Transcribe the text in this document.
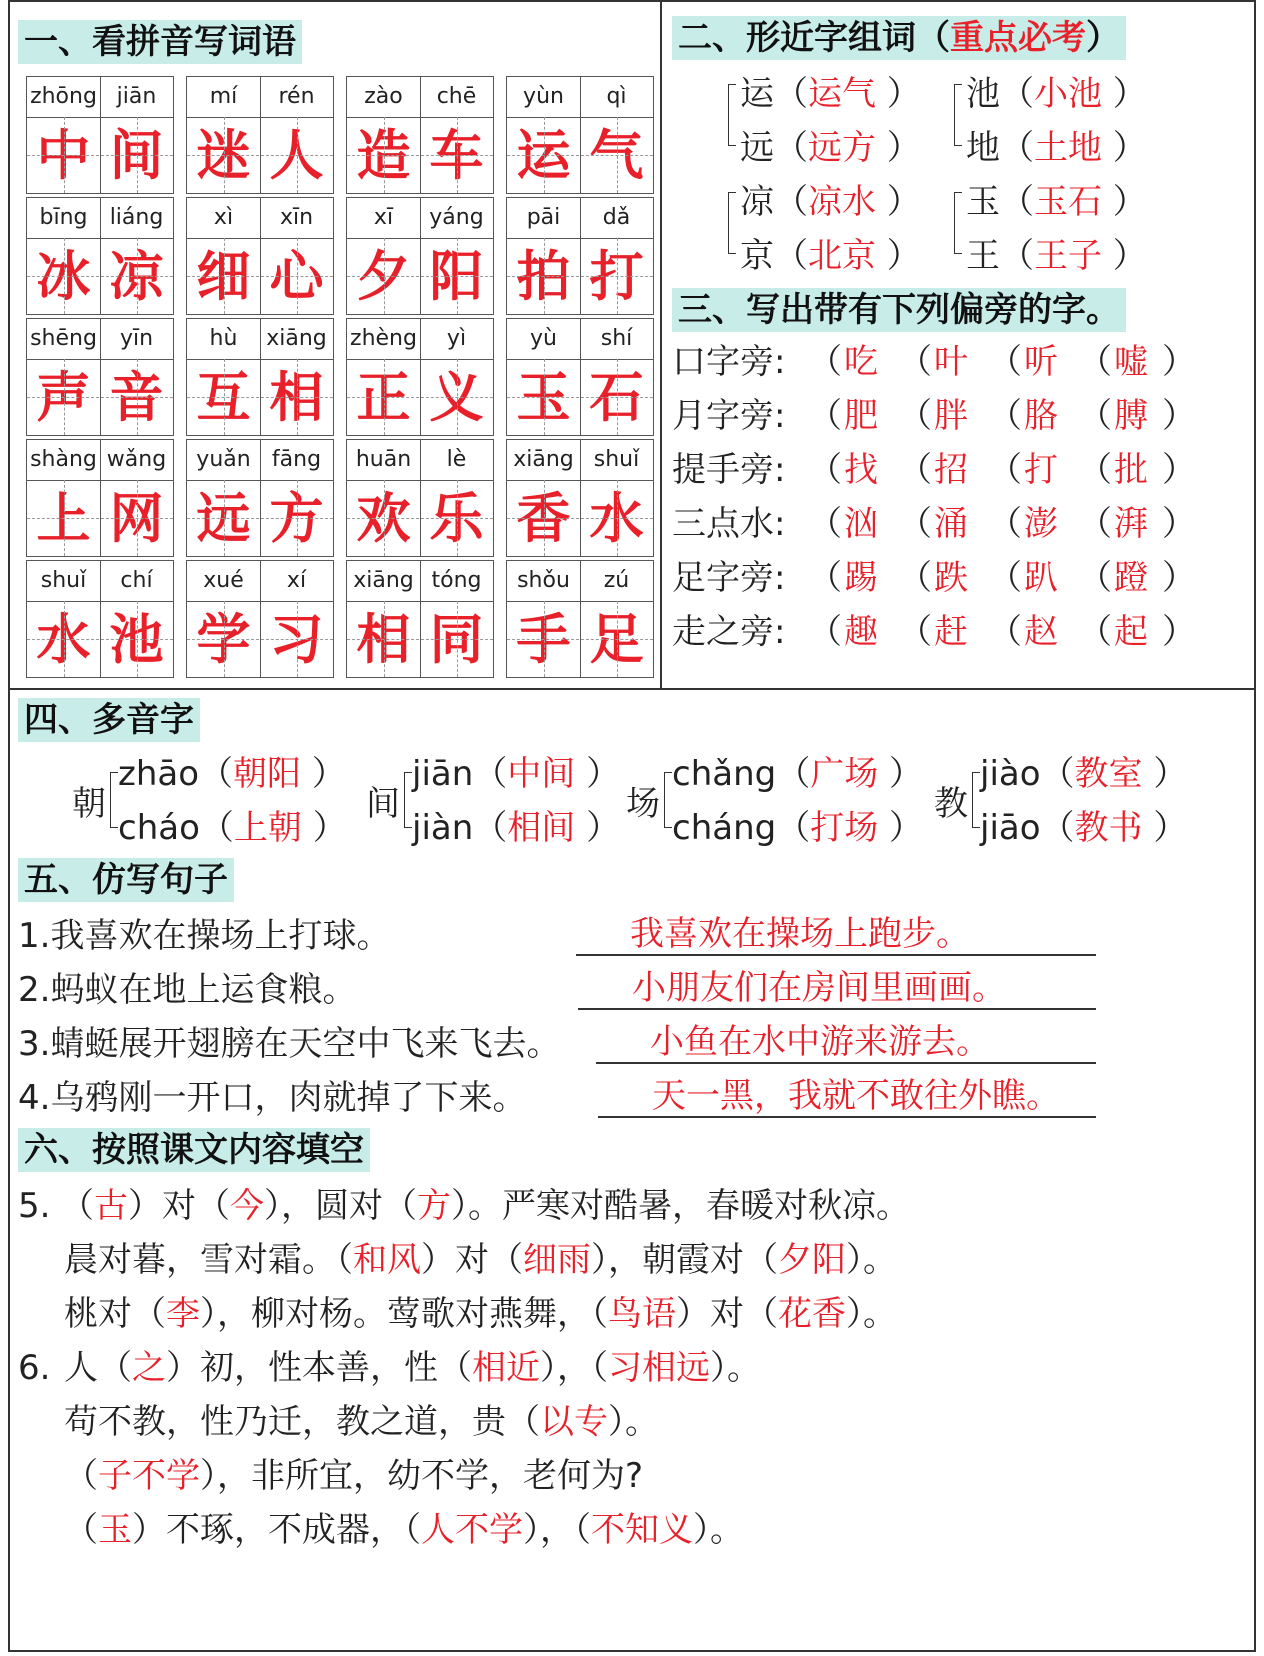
一、看拼音写词语
zhōng jiān
中 间
mí	rén
迷 人
zào	chē
造 车
yùn	qì
运 气
bīng	liáng
冰 凉
xì	xīn
细 心
xī	yáng
夕 阳
pāi	dǎ
拍 打
shēng	yīn
声 音
hù	xiāng
互 相
zhèng	yì
正 义
yù	shí
玉 石
shàng wǎng
上 网
yuǎn fāng
远 方
huān	lè
欢 乐
xiāng shuǐ
香 水
shuǐ	chí
水 池
xué	xí
学 习
xiāng tóng
相 同
shǒu	zú
手 足
二、形近字组词（重点必考）
运（运气 ） 池（小池 ）
远（远方 ） 地（土地 ）
凉（凉水 ） 玉（玉石 ）
京（北京 ） 王（王子 ）
三、写出带有下列偏旁的字。
口字旁: （ 吃 （ 叶 （ 听 （ 嘘 ）
月字旁: （ 肥 （ 胖 （ 胳 （ 膊 ）
提手旁: （ 找 （ 招 （ 打 （ 批 ）
三点水: （ 汹 （ 涌 （ 澎 （ 湃 ）
足字旁: （ 踢 （ 跌 （ 趴 （ 蹬 ）
走之旁: （ 趣 （ 赶 （ 赵 （ 起 ）
四、多音字
朝
zhāo（朝阳 ）
cháo（上朝 ）
间
jiān（中间 ）
jiàn（相间 ）
场
chǎng（广场 ）
cháng（打场 ）
教
jiào（教室 ）
jiāo（教书 ）
五、仿写句子
1.我喜欢在操场上打球。	我喜欢在操场上跑步。
2.蚂蚁在地上运食粮。	小朋友们在房间里画画。
3.蜻蜓展开翅膀在天空中飞来飞去。	小鱼在水中游来游去。
4.乌鸦刚一开口，肉就掉了下来。	天一黑，我就不敢往外瞧。
六、按照课文内容填空
5.
6.
（古）对（今），圆对（方）。严寒对酷暑，春暖对秋凉。
晨对暮，雪对霜。（和风）对（细雨），朝霞对（夕阳）。
桃对（李），柳对杨。莺歌对燕舞，（鸟语）对（花香）。
人（之）初，性本善，性（相近），（习相远）。
苟不教，性乃迁，教之道，贵（以专）。
（子不学），非所宜，幼不学，老何为?
（玉）不琢，不成器，（人不学），（不知义）。
